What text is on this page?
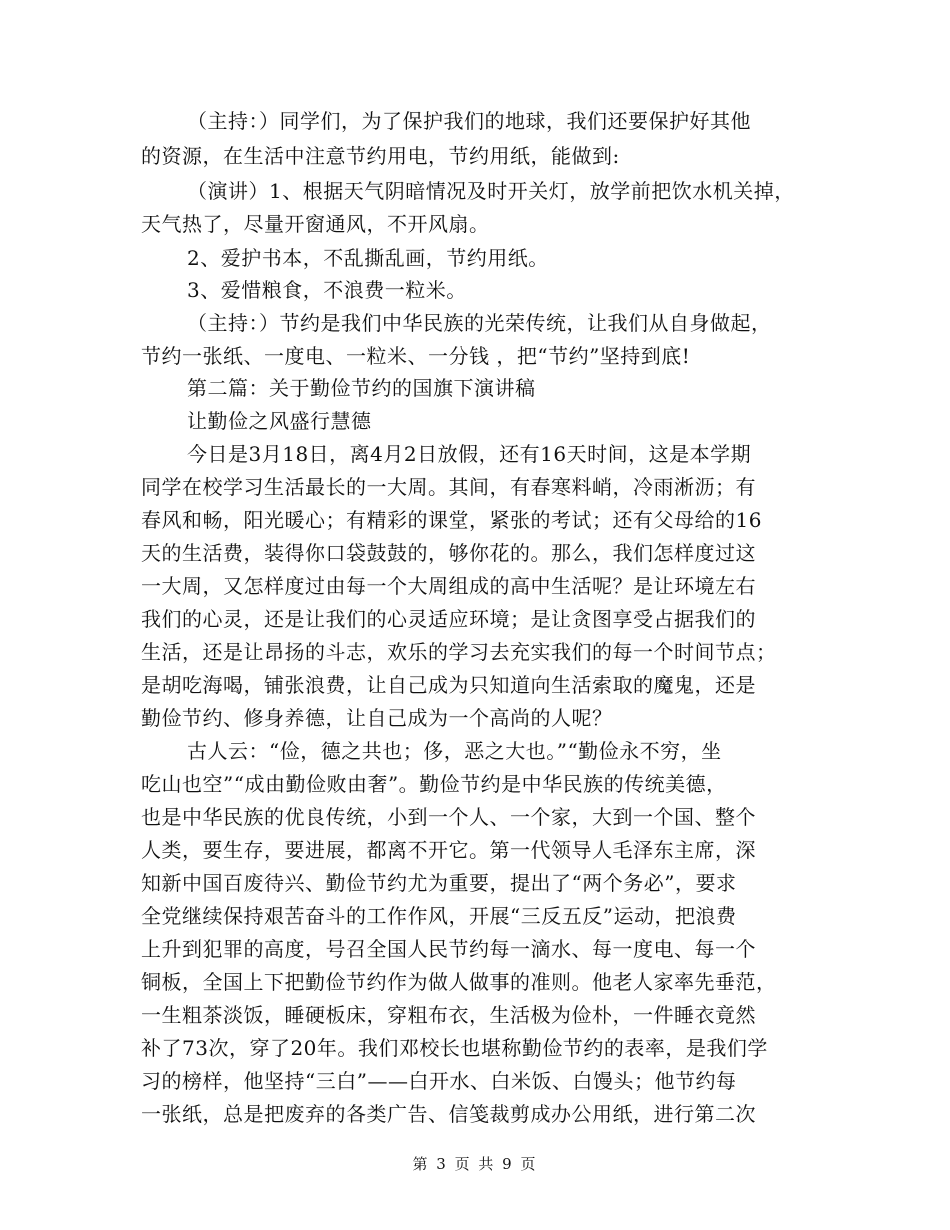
（主持：）同学们，为了保护我们的地球，我们还要保护好其他
的资源，在生活中注意节约用电，节约用纸，能做到:
（演讲）1、根据天气阴暗情况及时开关灯，放学前把饮水机关掉，
天气热了，尽量开窗通风，不开风扇。
2、爱护书本，不乱撕乱画，节约用纸。
3、爱惜粮食，不浪费一粒米。
（主持：）节约是我们中华民族的光荣传统，让我们从自身做起，
节约一张纸、一度电、一粒米、一分钱 ，把“节约”坚持到底!
第二篇：关于勤俭节约的国旗下演讲稿
让勤俭之风盛行慧德
今日是3月18日，离4月2日放假，还有16天时间，这是本学期
同学在校学习生活最长的一大周。其间，有春寒料峭，冷雨淅沥；有
春风和畅，阳光暖心；有精彩的课堂，紧张的考试；还有父母给的16
天的生活费，装得你口袋鼓鼓的，够你花的。那么，我们怎样度过这
一大周，又怎样度过由每一个大周组成的高中生活呢？是让环境左右
我们的心灵，还是让我们的心灵适应环境；是让贪图享受占据我们的
生活，还是让昂扬的斗志，欢乐的学习去充实我们的每一个时间节点；
是胡吃海喝，铺张浪费，让自己成为只知道向生活索取的魔鬼，还是
勤俭节约、修身养德，让自己成为一个高尚的人呢？
古人云：“俭，德之共也；侈，恶之大也。”“勤俭永不穷，坐
吃山也空”“成由勤俭败由奢”。勤俭节约是中华民族的传统美德，
也是中华民族的优良传统，小到一个人、一个家，大到一个国、整个
人类，要生存，要进展，都离不开它。第一代领导人毛泽东主席，深
知新中国百废待兴、勤俭节约尤为重要，提出了“两个务必”，要求
全党继续保持艰苦奋斗的工作作风，开展“三反五反”运动，把浪费
上升到犯罪的高度，号召全国人民节约每一滴水、每一度电、每一个
铜板，全国上下把勤俭节约作为做人做事的准则。他老人家率先垂范，
一生粗茶淡饭，睡硬板床，穿粗布衣，生活极为俭朴，一件睡衣竟然
补了73次，穿了20年。我们邓校长也堪称勤俭节约的表率，是我们学
习的榜样，他坚持“三白”——白开水、白米饭、白馒头；他节约每
一张纸，总是把废弃的各类广告、信笺裁剪成办公用纸，进行第二次
第 3 页 共 9 页
